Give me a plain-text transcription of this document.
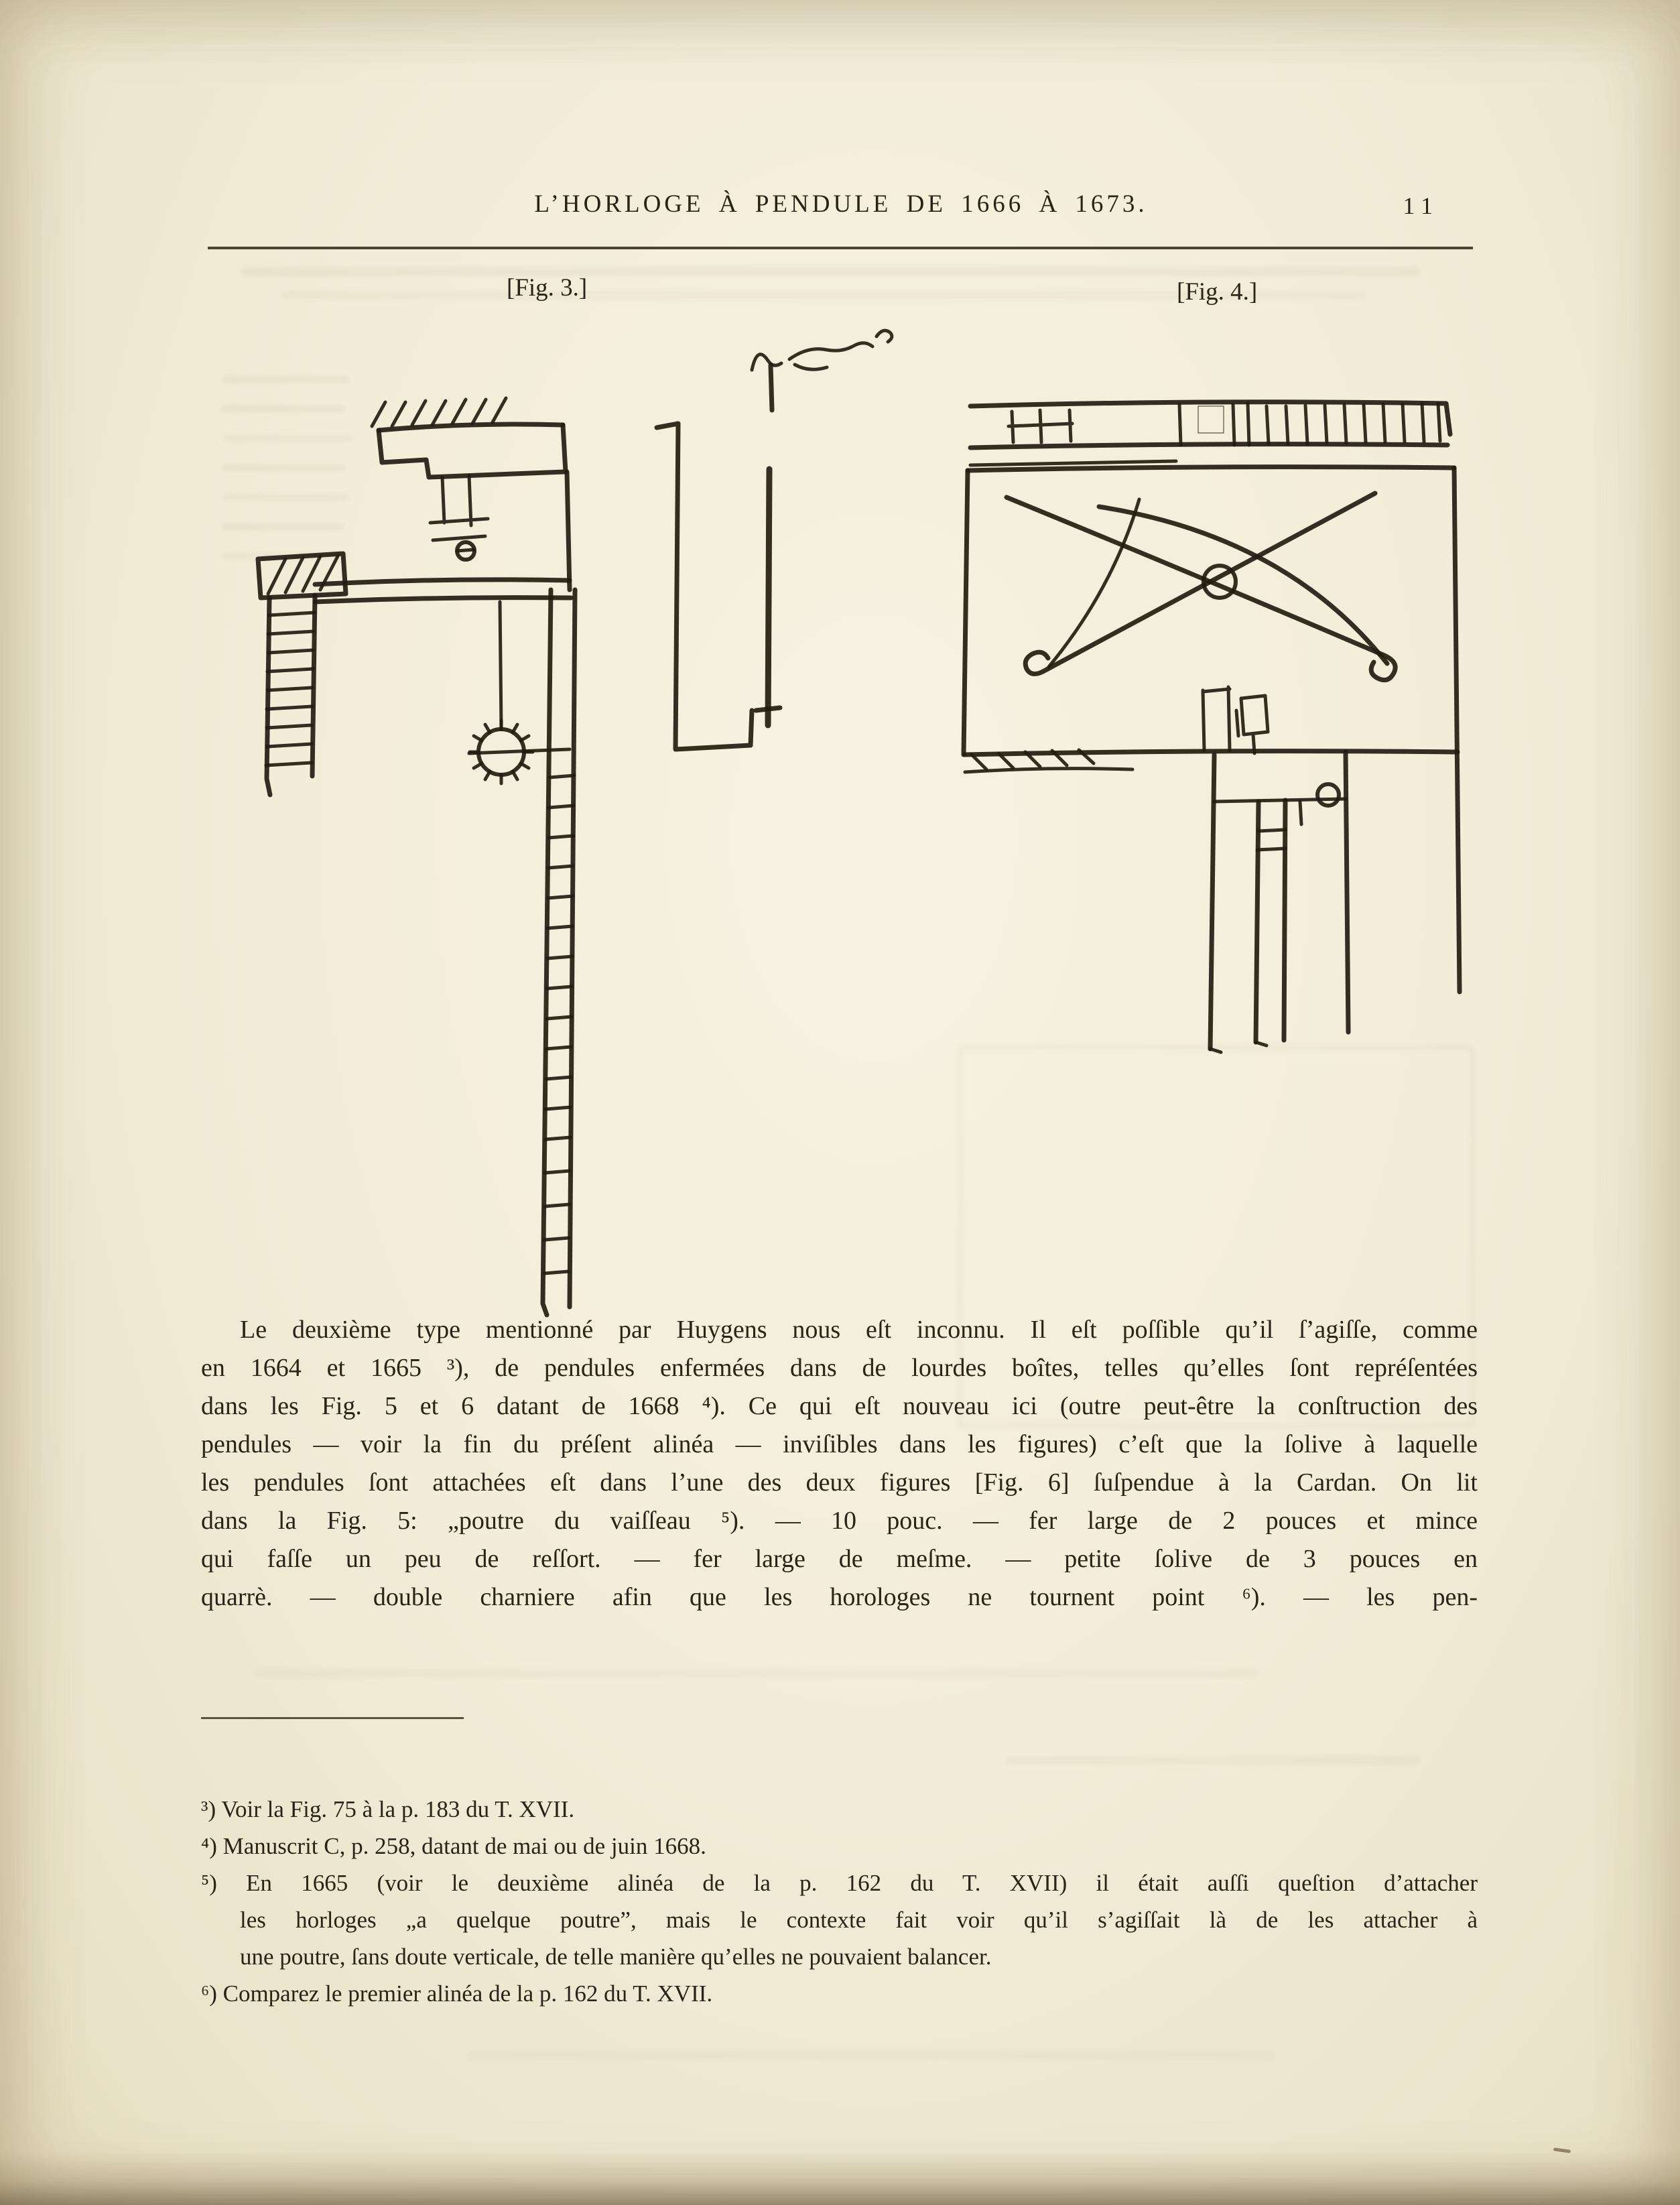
L’HORLOGE À PENDULE DE 1666 À 1673.	11
[Fig. 3.]	[Fig. 4.]
Le deuxième type mentionné par Huygens nous eſt inconnu. Il eſt poſſible qu’il ſ’agiſſe, comme
en 1664 et 1665 ³), de pendules enfermées dans de lourdes boîtes, telles qu’elles ſont repréſentées
dans les Fig. 5 et 6 datant de 1668 ⁴). Ce qui eſt nouveau ici (outre peut-être la conſtruction des
pendules — voir la fin du préſent alinéa — inviſibles dans les figures) c’eſt que la ſolive à laquelle
les pendules ſont attachées eſt dans l’une des deux figures [Fig. 6] ſuſpendue à la Cardan. On lit
dans la Fig. 5: „poutre du vaiſſeau ⁵). — 10 pouc. — fer large de 2 pouces et mince
qui faſſe un peu de reſſort. — fer large de meſme. — petite ſolive de 3 pouces en
quarrè. — double charniere afin que les horologes ne tournent point ⁶). — les pen-
³) Voir la Fig. 75 à la p. 183 du T. XVII.
⁴) Manuscrit C, p. 258, datant de mai ou de juin 1668.
⁵) En 1665 (voir le deuxième alinéa de la p. 162 du T. XVII) il était auſſi queſtion d’attacher
les horloges „a quelque poutre”, mais le contexte fait voir qu’il s’agiſſait là de les attacher à
une poutre, ſans doute verticale, de telle manière qu’elles ne pouvaient balancer.
⁶) Comparez le premier alinéa de la p. 162 du T. XVII.
